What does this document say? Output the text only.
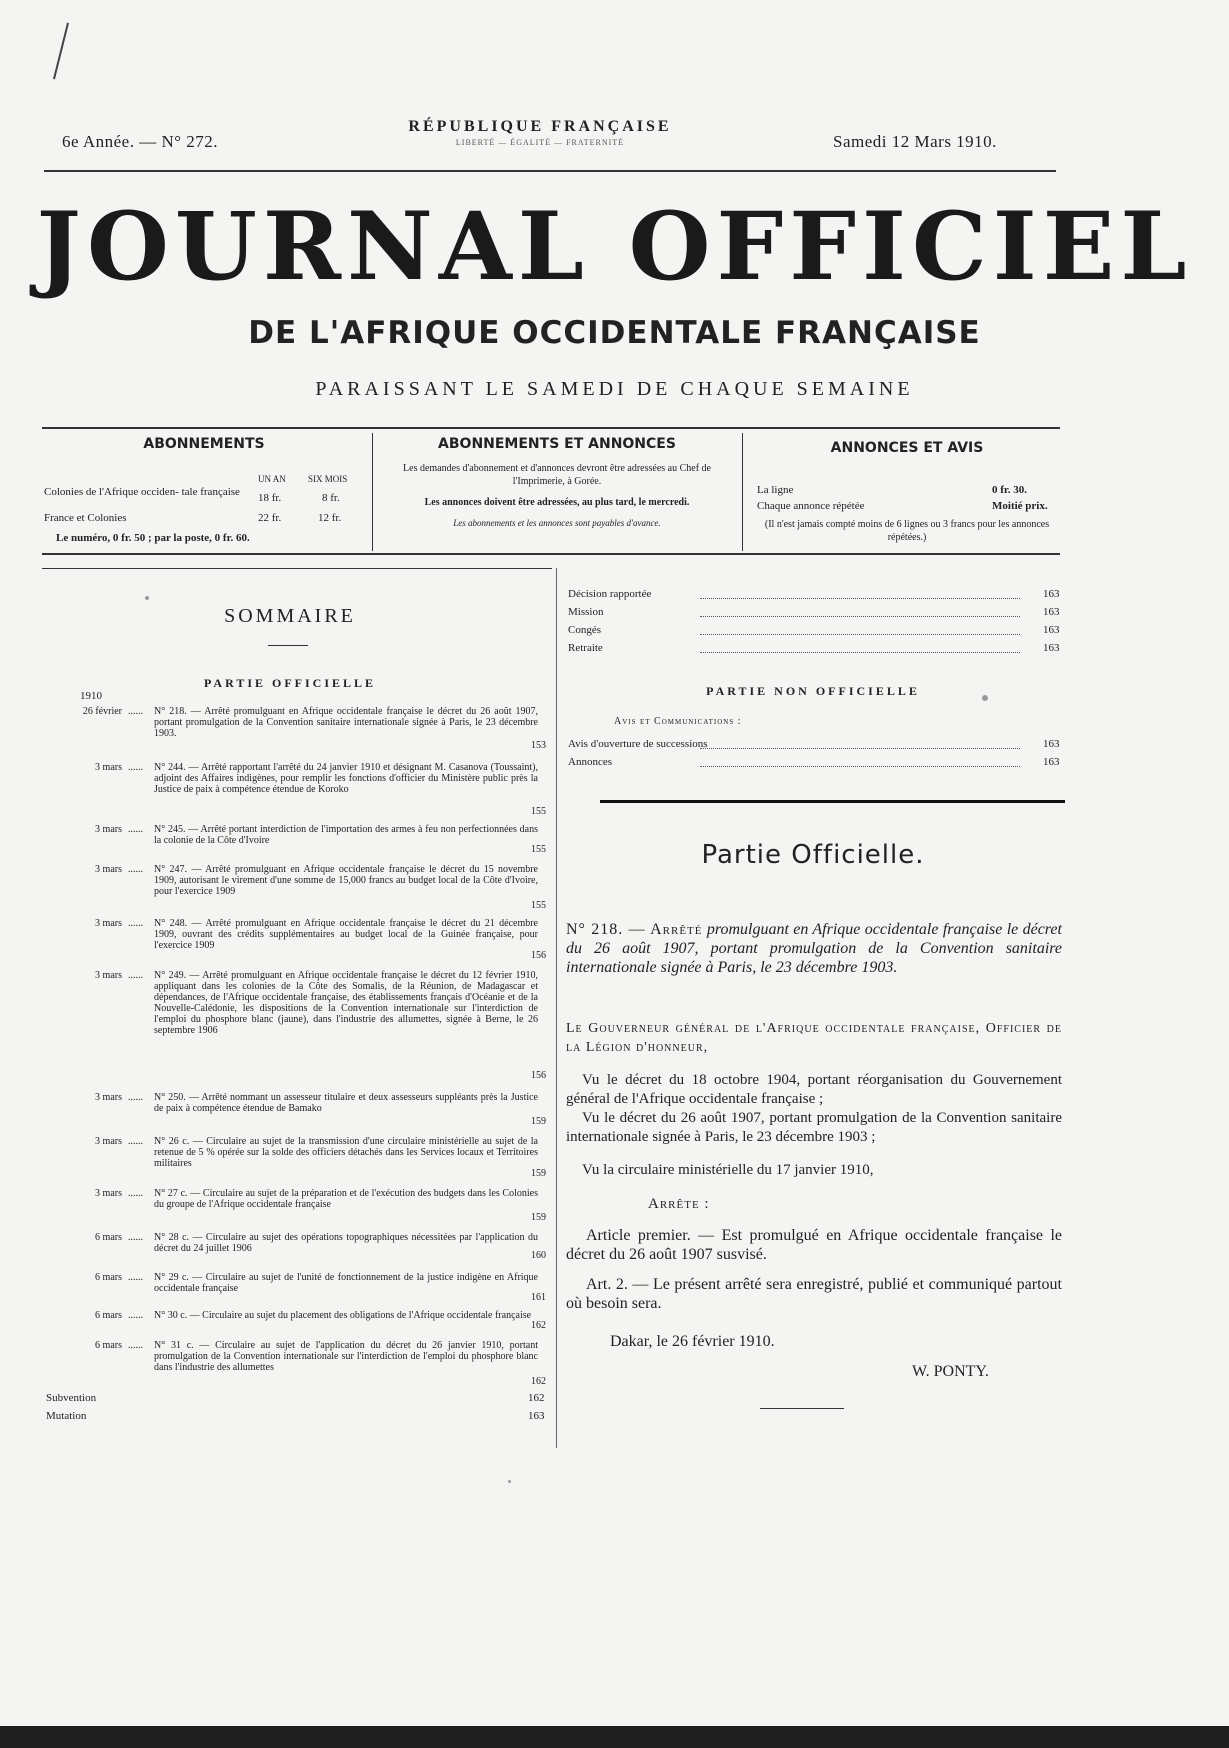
6e Année. — N° 272.
RÉPUBLIQUE FRANÇAISE
LIBERTÉ — ÉGALITÉ — FRATERNITÉ	Samedi 12 Mars 1910.
JOURNAL OFFICIEL
DE L'AFRIQUE OCCIDENTALE FRANÇAISE
PARAISSANT LE SAMEDI DE CHAQUE SEMAINE
ABONNEMENTS
UN AN SIX MOIS
Colonies de l'Afrique occiden- tale française	18 fr.	8 fr.
France et Colonies	22 fr.	12 fr.
Le numéro, 0 fr. 50 ; par la poste, 0 fr. 60.
ABONNEMENTS ET ANNONCES
Les demandes d'abonnement et d'annonces devront être adressées au Chef de l'Imprimerie, à Gorée.
Les annonces doivent être adressées, au plus tard, le mercredi.
Les abonnements et les annonces sont payables d'avance.
ANNONCES ET AVIS
La ligne	0 fr. 30.
Chaque annonce répétée	Moitié prix.
(Il n'est jamais compté moins de 6 lignes ou 3 francs pour les annonces répétées.)
SOMMAIRE
PARTIE OFFICIELLE
1910
26 février ...... N° 218. — Arrêté promulguant en Afrique occidentale française le décret du 26 août 1907, portant promulgation de la Convention sanitaire internationale signée à Paris, le 23 décembre 1903.
153
3 mars ...... N° 244. — Arrêté rapportant l'arrêté du 24 janvier 1910 et désignant M. Casanova (Toussaint), adjoint des Affaires indigènes, pour remplir les fonctions d'officier du Ministère public près la Justice de paix à compétence étendue de Koroko
155
3 mars ...... N° 245. — Arrêté portant interdiction de l'importation des armes à feu non perfectionnées dans la colonie de la Côte d'Ivoire
155
3 mars ...... N° 247. — Arrêté promulguant en Afrique occidentale française le décret du 15 novembre 1909, autorisant le virement d'une somme de 15,000 francs au budget local de la Côte d'Ivoire, pour l'exercice 1909
155
3 mars ...... N° 248. — Arrêté promulguant en Afrique occidentale française le décret du 21 décembre 1909, ouvrant des crédits supplémentaires au budget local de la Guinée française, pour l'exercice 1909
156
3 mars ...... N° 249. — Arrêté promulguant en Afrique occidentale française le décret du 12 février 1910, appliquant dans les colonies de la Côte des Somalis, de la Réunion, de Madagascar et dépendances, de l'Afrique occidentale française, des établissements français d'Océanie et de la Nouvelle-Calédonie, les dispositions de la Convention internationale sur l'interdiction de l'emploi du phosphore blanc (jaune), dans l'industrie des allumettes, signée à Berne, le 26 septembre 1906
156
3 mars ...... N° 250. — Arrêté nommant un assesseur titulaire et deux assesseurs suppléants près la Justice de paix à compétence étendue de Bamako
159
3 mars ...... N° 26 c. — Circulaire au sujet de la transmission d'une circulaire ministérielle au sujet de la retenue de 5 % opérée sur la solde des officiers détachés dans les Services locaux et Territoires militaires
159
3 mars ...... N° 27 c. — Circulaire au sujet de la préparation et de l'exécution des budgets dans les Colonies du groupe de l'Afrique occidentale française
159
6 mars ...... N° 28 c. — Circulaire au sujet des opérations topographiques nécessitées par l'application du décret du 24 juillet 1906
160
6 mars ...... N° 29 c. — Circulaire au sujet de l'unité de fonctionnement de la justice indigène en Afrique occidentale française
161
6 mars ...... N° 30 c. — Circulaire au sujet du placement des obligations de l'Afrique occidentale française
162
6 mars ...... N° 31 c. — Circulaire au sujet de l'application du décret du 26 janvier 1910, portant promulgation de la Convention internationale sur l'interdiction de l'emploi du phosphore blanc dans l'industrie des allumettes
162
Subvention	162
Mutation	163
Décision rapportée	163
Mission	163
Congés	163
Retraite	163
PARTIE NON OFFICIELLE
Avis et Communications :
Avis d'ouverture de successions	163
Annonces	163
Partie Officielle.
N° 218. — Arrêté promulguant en Afrique occidentale française le décret du 26 août 1907, portant promulgation de la Convention sanitaire internationale signée à Paris, le 23 décembre 1903.
Le Gouverneur général de l'Afrique occidentale française, Officier de la Légion d'honneur,
Vu le décret du 18 octobre 1904, portant réorganisation du Gouvernement général de l'Afrique occidentale française ;
Vu le décret du 26 août 1907, portant promulgation de la Convention sanitaire internationale signée à Paris, le 23 décembre 1903 ;
Vu la circulaire ministérielle du 17 janvier 1910,
Arrête :
Article premier. — Est promulgué en Afrique occidentale française le décret du 26 août 1907 susvisé.
Art. 2. — Le présent arrêté sera enregistré, publié et communiqué partout où besoin sera.
Dakar, le 26 février 1910.
W. PONTY.
